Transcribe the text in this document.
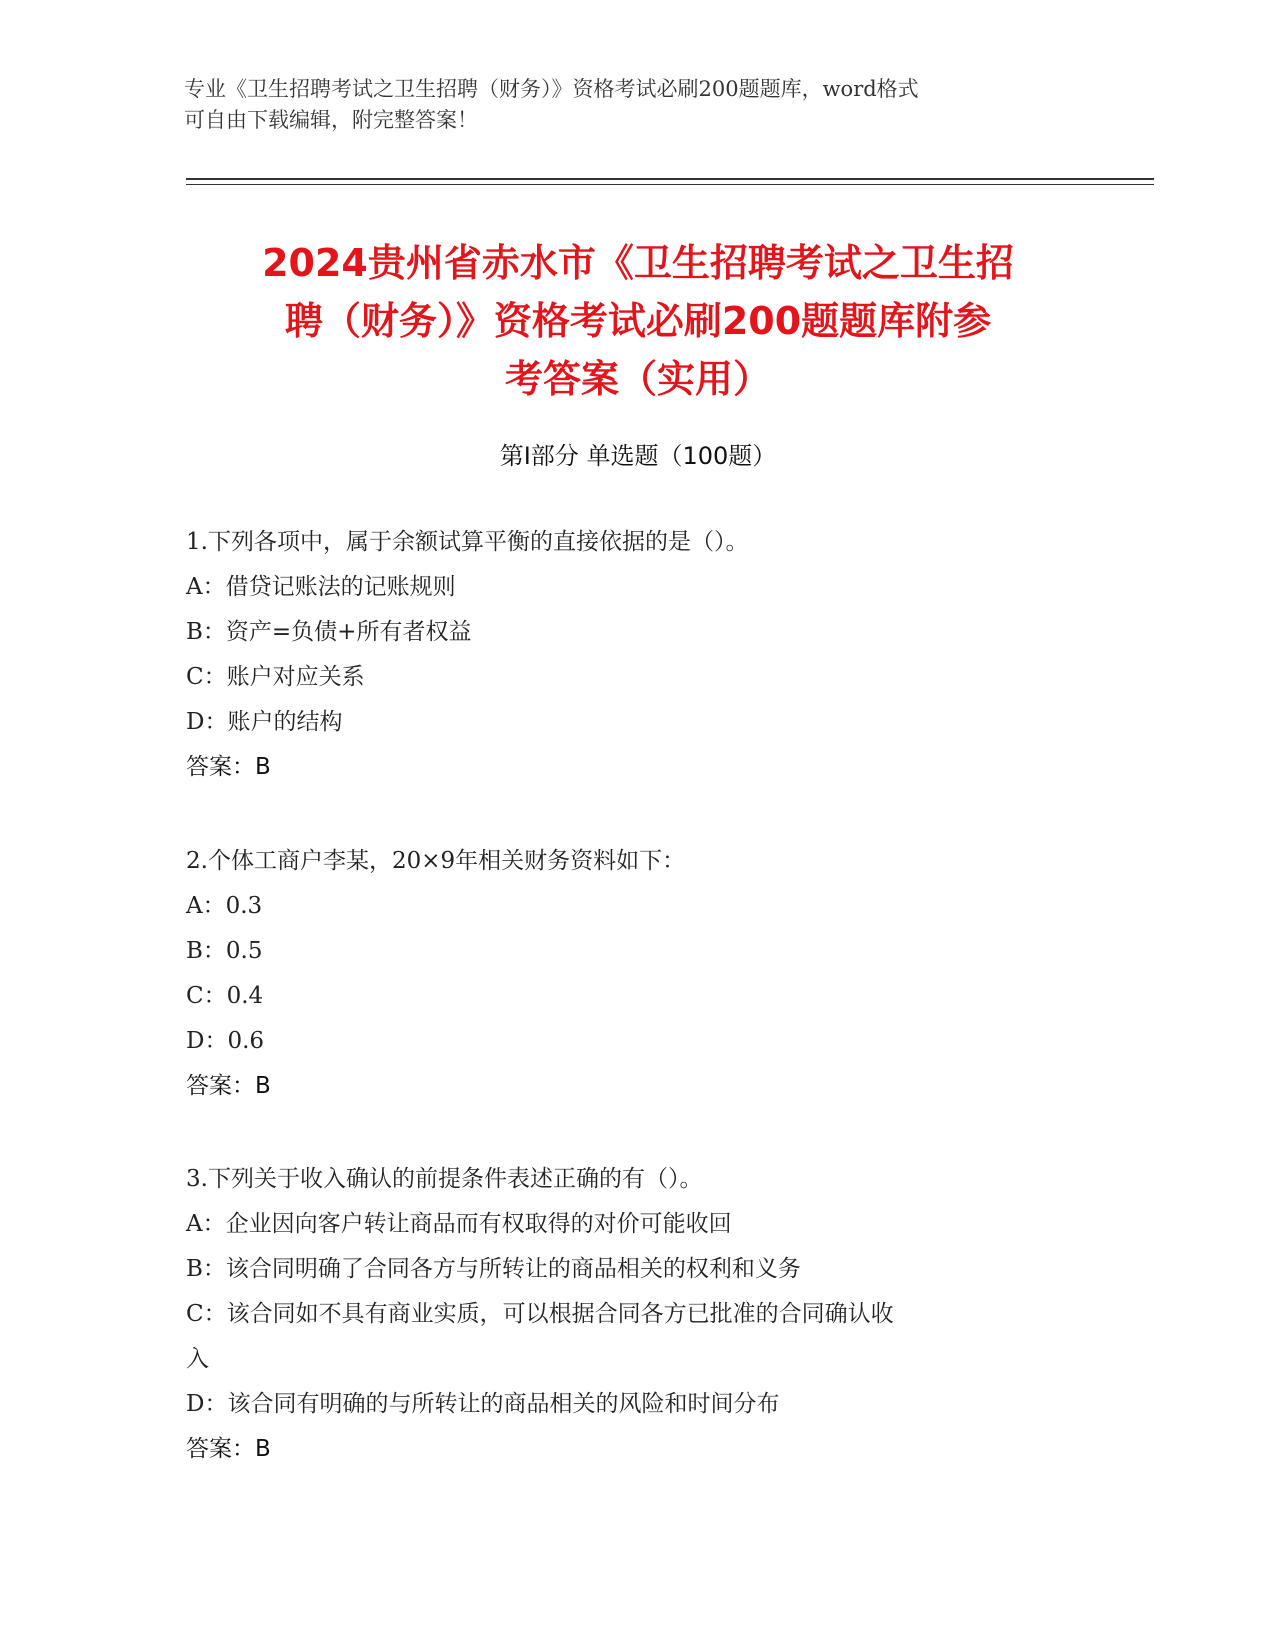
专业《卫生招聘考试之卫生招聘（财务）》资格考试必刷200题题库，word格式
可自由下载编辑，附完整答案！
2024贵州省赤水市《卫生招聘考试之卫生招
聘（财务）》资格考试必刷200题题库附参
考答案（实用）
第Ⅰ部分 单选题（100题）
1.下列各项中，属于余额试算平衡的直接依据的是（）。
A：借贷记账法的记账规则
B：资产=负债+所有者权益
C：账户对应关系
D：账户的结构
答案：B
2.个体工商户李某，20×9年相关财务资料如下：
A：0.3
B：0.5
C：0.4
D：0.6
答案：B
3.下列关于收入确认的前提条件表述正确的有（）。
A：企业因向客户转让商品而有权取得的对价可能收回
B：该合同明确了合同各方与所转让的商品相关的权利和义务
C：该合同如不具有商业实质，可以根据合同各方已批准的合同确认收
入
D：该合同有明确的与所转让的商品相关的风险和时间分布
答案：B
